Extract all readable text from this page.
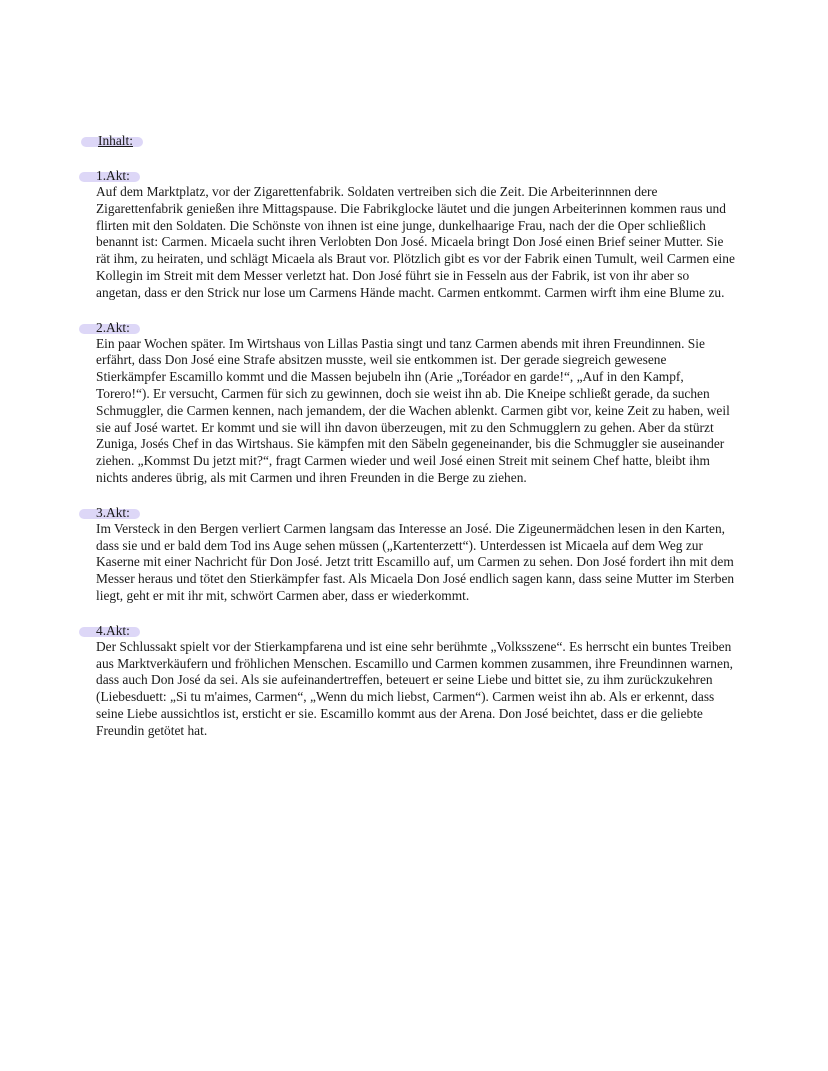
Inhalt:
1.Akt:

Auf dem Marktplatz, vor der Zigarettenfabrik. Soldaten vertreiben sich die Zeit. Die Arbeiterinnnen dere Zigarettenfabrik genießen ihre Mittagspause. Die Fabrikglocke läutet und die jungen Arbeiterinnen kommen raus und flirten mit den Soldaten. Die Schönste von ihnen ist eine junge, dunkelhaarige Frau, nach der die Oper schließlich benannt ist: Carmen. Micaela sucht ihren Verlobten Don José. Micaela bringt Don José einen Brief seiner Mutter. Sie rät ihm, zu heiraten, und schlägt Micaela als Braut vor. Plötzlich gibt es vor der Fabrik einen Tumult, weil Carmen eine Kollegin im Streit mit dem Messer verletzt hat. Don José führt sie in Fesseln aus der Fabrik, ist von ihr aber so angetan, dass er den Strick nur lose um Carmens Hände macht. Carmen entkommt. Carmen wirft ihm eine Blume zu.

2.Akt:

Ein paar Wochen später. Im Wirtshaus von Lillas Pastia singt und tanz Carmen abends mit ihren Freundinnen. Sie erfährt, dass Don José eine Strafe absitzen musste, weil sie entkommen ist. Der gerade siegreich gewesene Stierkämpfer Escamillo kommt und die Massen bejubeln ihn (Arie „Toréador en garde!“, „Auf in den Kampf, Torero!“). Er versucht, Carmen für sich zu gewinnen, doch sie weist ihn ab. Die Kneipe schließt gerade, da suchen Schmuggler, die Carmen kennen, nach jemandem, der die Wachen ablenkt. Carmen gibt vor, keine Zeit zu haben, weil sie auf José wartet. Er kommt und sie will ihn davon überzeugen, mit zu den Schmugglern zu gehen. Aber da stürzt Zuniga, Josés Chef in das Wirtshaus. Sie kämpfen mit den Säbeln gegeneinander, bis die Schmuggler sie auseinander ziehen. „Kommst Du jetzt mit?“, fragt Carmen wieder und weil José einen Streit mit seinem Chef hatte, bleibt ihm nichts anderes übrig, als mit Carmen und ihren Freunden in die Berge zu ziehen.

3.Akt:

Im Versteck in den Bergen verliert Carmen langsam das Interesse an José. Die Zigeunermädchen lesen in den Karten, dass sie und er bald dem Tod ins Auge sehen müssen („Kartenterzett“). Unterdessen ist Micaela auf dem Weg zur Kaserne mit einer Nachricht für Don José. Jetzt tritt Escamillo auf, um Carmen zu sehen. Don José fordert ihn mit dem Messer heraus und tötet den Stierkämpfer fast. Als Micaela Don José endlich sagen kann, dass seine Mutter im Sterben liegt, geht er mit ihr mit, schwört Carmen aber, dass er wiederkommt.

4.Akt:

Der Schlussakt spielt vor der Stierkampfarena und ist eine sehr berühmte „Volksszene“. Es herrscht ein buntes Treiben aus Marktverkäufern und fröhlichen Menschen. Escamillo und Carmen kommen zusammen, ihre Freundinnen warnen, dass auch Don José da sei. Als sie aufeinandertreffen, beteuert er seine Liebe und bittet sie, zu ihm zurückzukehren (Liebesduett: „Si tu m'aimes, Carmen“, „Wenn du mich liebst, Carmen“). Carmen weist ihn ab. Als er erkennt, dass seine Liebe aussichtlos ist, ersticht er sie. Escamillo kommt aus der Arena. Don José beichtet, dass er die geliebte Freundin getötet hat.
